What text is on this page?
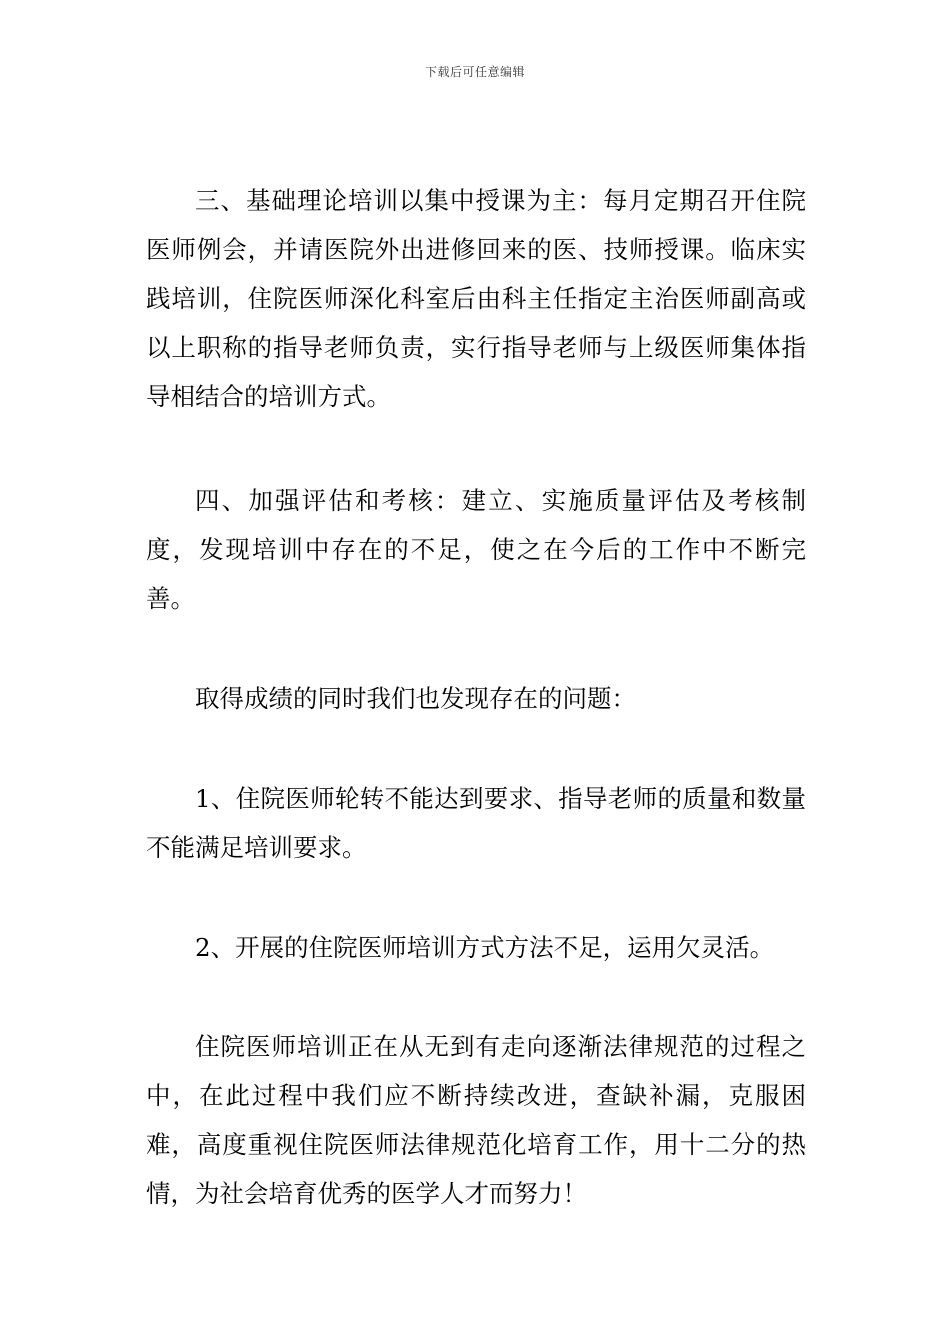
下载后可任意编辑

三、基础理论培训以集中授课为主：每月定期召开住院医师例会，并请医院外出进修回来的医、技师授课。临床实践培训，住院医师深化科室后由科主任指定主治医师副高或以上职称的指导老师负责，实行指导老师与上级医师集体指导相结合的培训方式。

四、加强评估和考核：建立、实施质量评估及考核制度，发现培训中存在的不足，使之在今后的工作中不断完善。

取得成绩的同时我们也发现存在的问题：

1、住院医师轮转不能达到要求、指导老师的质量和数量不能满足培训要求。

2、开展的住院医师培训方式方法不足，运用欠灵活。

住院医师培训正在从无到有走向逐渐法律规范的过程之中，在此过程中我们应不断持续改进，查缺补漏，克服困难，高度重视住院医师法律规范化培育工作，用十二分的热情，为社会培育优秀的医学人才而努力！
